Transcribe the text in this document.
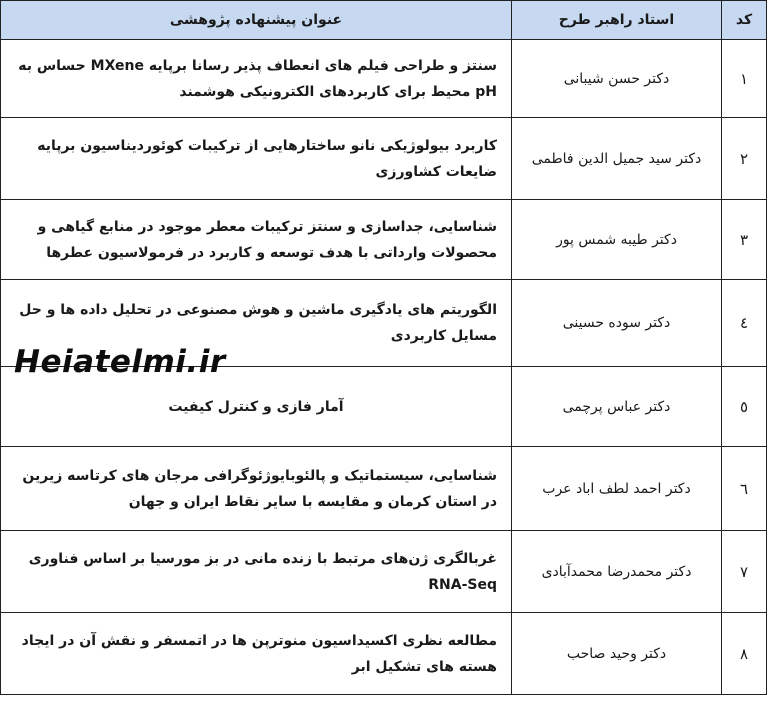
کد	استاد راهبر طرح	عنوان پیشنهاده پژوهشی
۱	دکتر حسن شیبانی	سنتز و طراحی فیلم های انعطاف پذیر رسانا برپایه MXene حساس به pH محیط برای کاربردهای الکترونیکی هوشمند
۲	دکتر سید جمیل الدین فاطمی	کاربرد بیولوژیکی نانو ساختارهایی از ترکیبات کوئوردیناسیون برپایه ضایعات کشاورزی
۳	دکتر طیبه شمس پور	شناسایی، جداسازی و سنتز ترکیبات معطر موجود در منابع گیاهی و محصولات وارداتی با هدف توسعه و کاربرد در فرمولاسیون عطرها
٤	دکتر سوده حسینی	الگوریتم های یادگیری ماشین و هوش مصنوعی در تحلیل داده ها و حل مسایل کاربردی
٥	دکتر عباس پرچمی	آمار فازی و کنترل کیفیت
٦	دکتر احمد لطف اباد عرب	شناسایی، سیستماتیک و پالئوبایوژئوگرافی مرجان های کرتاسه زیرین در استان کرمان و مقایسه با سایر نقاط ایران و جهان
۷	دکتر محمدرضا محمدآبادی	غربالگری ژن‌های مرتبط با زنده مانی در بز مورسیا بر اساس فناوری RNA-Seq
۸	دکتر وحید صاحب	مطالعه نظری اکسیداسیون منوترپن ها در اتمسفر و نقش آن در ایجاد هسته های تشکیل ابر
Heiatelmi.ir
